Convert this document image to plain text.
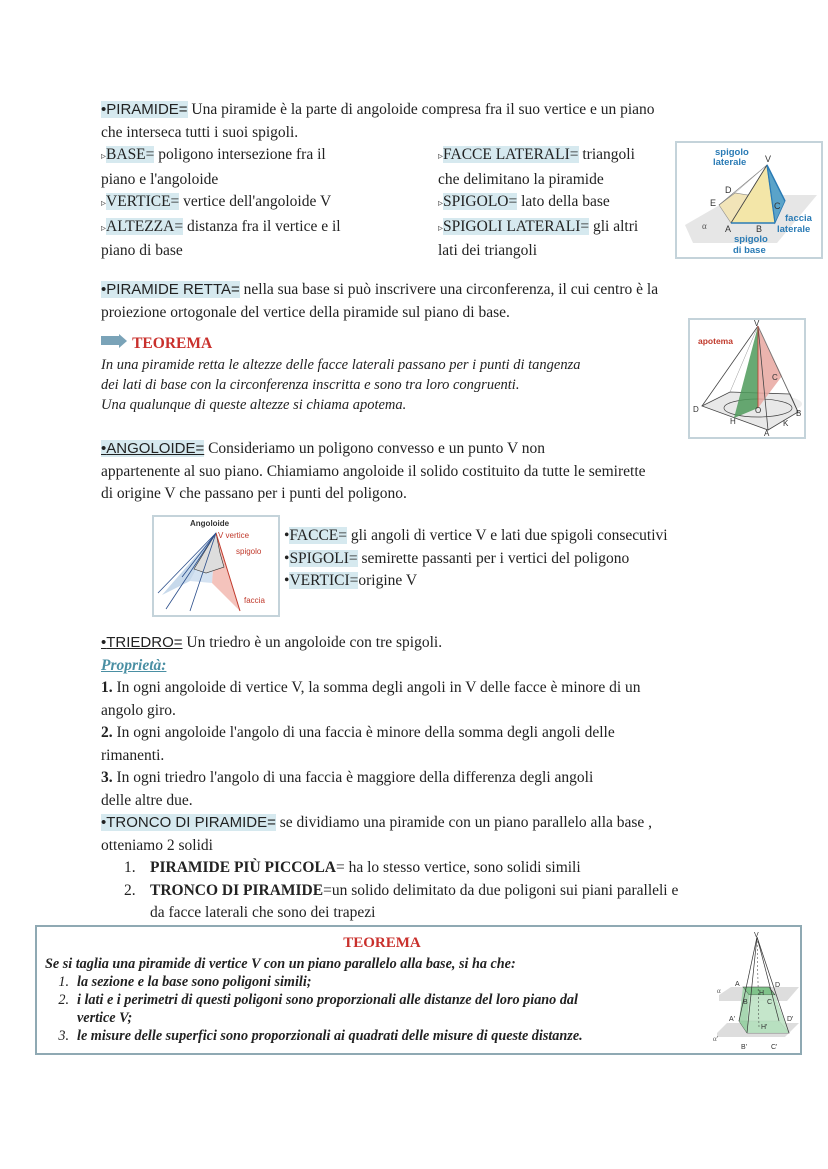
•PIRAMIDE= Una piramide è la parte di angoloide compresa fra il suo vertice e un piano
che interseca tutti i suoi spigoli.
▹BASE= poligono intersezione fra il
piano e l'angoloide
▹VERTICE= vertice dell'angoloide V
▹ALTEZZA= distanza fra il vertice e il
piano di base
▹FACCE LATERALI= triangoli
che delimitano la piramide
▹SPIGOLO= lato della base
▹SPIGOLI LATERALI= gli altri
lati dei triangoli
spigolo laterale V
D
E	C
A	B
α
faccia laterale
spigolo di base
•PIRAMIDE RETTA= nella sua base si può inscrivere una circonferenza, il cui centro è la
proiezione ortogonale del vertice della piramide sul piano di base.
TEOREMA
In una piramide retta le altezze delle facce laterali passano per i punti di tangenza
dei lati di base con la circonferenza inscritta e sono tra loro congruenti.
Una qualunque di queste altezze si chiama apotema.
apotema
V
C
D	O	B
H	K
A
•ANGOLOIDE= Consideriamo un poligono convesso e un punto V non
appartenente al suo piano. Chiamiamo angoloide il solido costituito da tutte le semirette
di origine V che passano per i punti del poligono.
Angoloide
V vertice
spigolo
faccia
•FACCE= gli angoli di vertice V e lati due spigoli consecutivi
•SPIGOLI= semirette passanti per i vertici del poligono
•VERTICI=origine V
•TRIEDRO= Un triedro è un angoloide con tre spigoli.
Proprietà:
1. In ogni angoloide di vertice V, la somma degli angoli in V delle facce è minore di un
angolo giro.
2. In ogni angoloide l'angolo di una faccia è minore della somma degli angoli delle
rimanenti.
3. In ogni triedro l'angolo di una faccia è maggiore della differenza degli angoli
delle altre due.
•TRONCO DI PIRAMIDE= se dividiamo una piramide con un piano parallelo alla base ,
otteniamo 2 solidi
1. PIRAMIDE PIÙ PICCOLA= ha lo stesso vertice, sono solidi simili
2. TRONCO DI PIRAMIDE=un solido delimitato da due poligoni sui piani paralleli e
da facce laterali che sono dei trapezi
TEOREMA
Se si taglia una piramide di vertice V con un piano parallelo alla base, si ha che:
1. la sezione e la base sono poligoni simili;
2. i lati e i perimetri di questi poligoni sono proporzionali alle distanze del loro piano dal
vertice V;
3. le misure delle superfici sono proporzionali ai quadrati delle misure di queste distanze.
V
A	D
B	C
H
α
A'	D'
H'
α'
B'	C'
